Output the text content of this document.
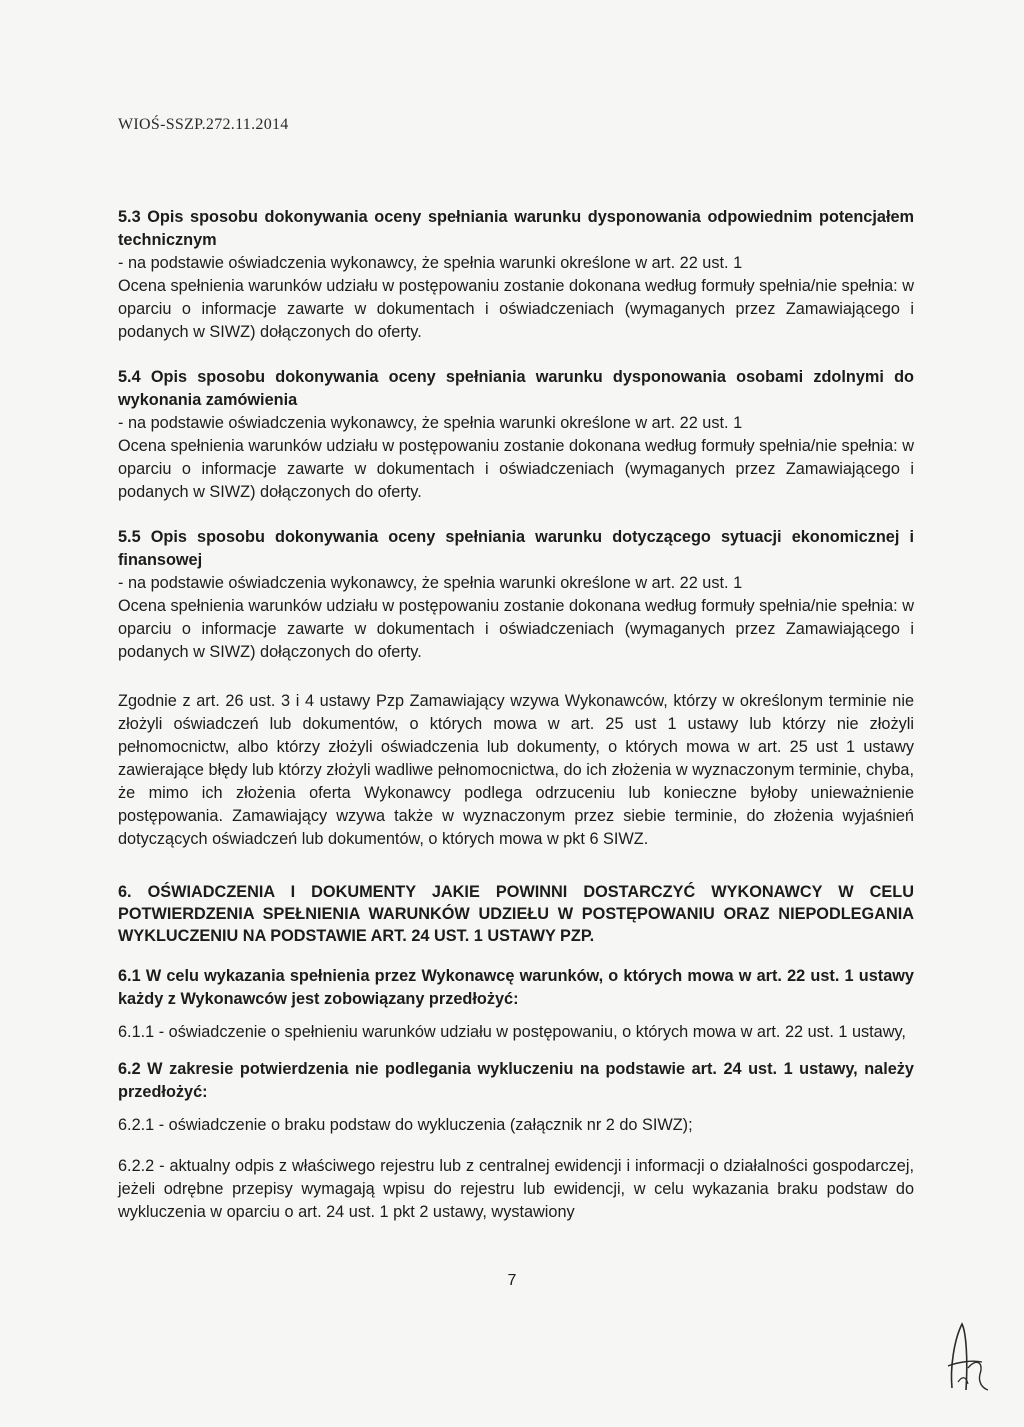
WIOŚ-SSZP.272.11.2014

5.3 Opis sposobu dokonywania oceny spełniania warunku dysponowania odpowiednim potencjałem technicznym

- na podstawie oświadczenia wykonawcy, że spełnia warunki określone w art. 22 ust. 1

Ocena spełnienia warunków udziału w postępowaniu zostanie dokonana według formuły spełnia/nie spełnia: w oparciu o informacje zawarte w dokumentach i oświadczeniach (wymaganych przez Zamawiającego i podanych w SIWZ) dołączonych do oferty.

5.4 Opis sposobu dokonywania oceny spełniania warunku dysponowania osobami zdolnymi do wykonania zamówienia

- na podstawie oświadczenia wykonawcy, że spełnia warunki określone w art. 22 ust. 1

Ocena spełnienia warunków udziału w postępowaniu zostanie dokonana według formuły spełnia/nie spełnia: w oparciu o informacje zawarte w dokumentach i oświadczeniach (wymaganych przez Zamawiającego i podanych w SIWZ) dołączonych do oferty.

5.5 Opis sposobu dokonywania oceny spełniania warunku dotyczącego sytuacji ekonomicznej i finansowej

- na podstawie oświadczenia wykonawcy, że spełnia warunki określone w art. 22 ust. 1

Ocena spełnienia warunków udziału w postępowaniu zostanie dokonana według formuły spełnia/nie spełnia: w oparciu o informacje zawarte w dokumentach i oświadczeniach (wymaganych przez Zamawiającego i podanych w SIWZ) dołączonych do oferty.

Zgodnie z art. 26 ust. 3 i 4 ustawy Pzp Zamawiający wzywa Wykonawców, którzy w określonym terminie nie złożyli oświadczeń lub dokumentów, o których mowa w art. 25 ust 1 ustawy lub którzy nie złożyli pełnomocnictw, albo którzy złożyli oświadczenia lub dokumenty, o których mowa w art. 25 ust 1 ustawy zawierające błędy lub którzy złożyli wadliwe pełnomocnictwa, do ich złożenia w wyznaczonym terminie, chyba, że mimo ich złożenia oferta Wykonawcy podlega odrzuceniu lub konieczne byłoby unieważnienie postępowania. Zamawiający wzywa także w wyznaczonym przez siebie terminie, do złożenia wyjaśnień dotyczących oświadczeń lub dokumentów, o których mowa w pkt 6 SIWZ.

6. OŚWIADCZENIA I DOKUMENTY JAKIE POWINNI DOSTARCZYĆ WYKONAWCY W CELU POTWIERDZENIA SPEŁNIENIA WARUNKÓW UDZIEŁU W POSTĘPOWANIU ORAZ NIEPODLEGANIA WYKLUCZENIU NA PODSTAWIE ART. 24 UST. 1 USTAWY PZP.

6.1 W celu wykazania spełnienia przez Wykonawcę warunków, o których mowa w art. 22 ust. 1 ustawy każdy z Wykonawców jest zobowiązany przedłożyć:

6.1.1 - oświadczenie o spełnieniu warunków udziału w postępowaniu, o których mowa w art. 22 ust. 1 ustawy,

6.2 W zakresie potwierdzenia nie podlegania wykluczeniu na podstawie art. 24 ust. 1 ustawy, należy przedłożyć:

6.2.1 - oświadczenie o braku podstaw do wykluczenia (załącznik nr 2 do SIWZ);

6.2.2 - aktualny odpis z właściwego rejestru lub z centralnej ewidencji i informacji o działalności gospodarczej, jeżeli odrębne przepisy wymagają wpisu do rejestru lub ewidencji, w celu wykazania braku podstaw do wykluczenia w oparciu o art. 24 ust. 1 pkt 2 ustawy, wystawiony

7
